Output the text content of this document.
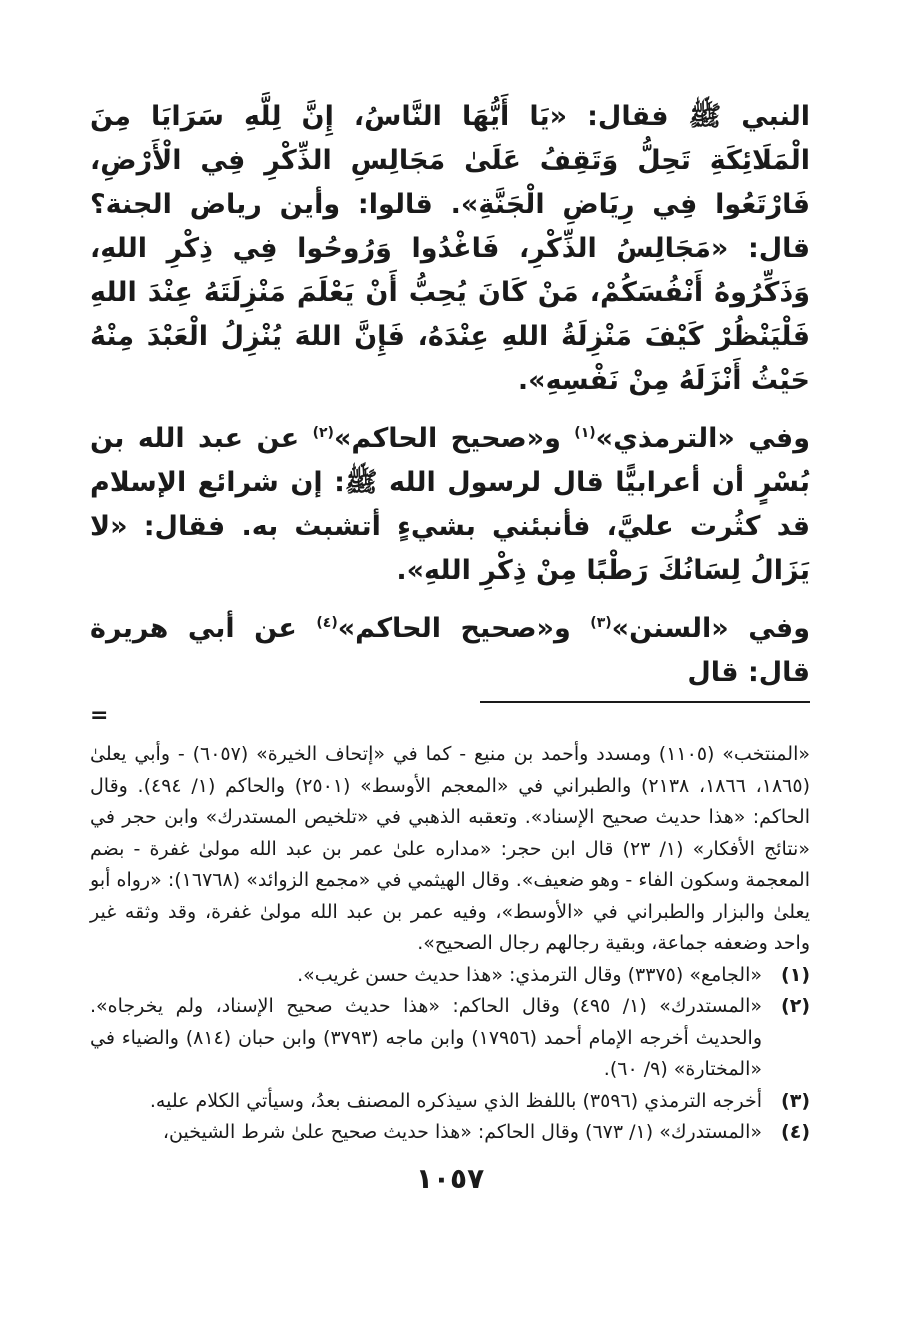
النبي ﷺ فقال: «يَا أَيُّهَا النَّاسُ، إِنَّ لِلَّهِ سَرَايَا مِنَ الْمَلَائِكَةِ تَحِلُّ وَتَقِفُ عَلَىٰ مَجَالِسِ الذِّكْرِ فِي الْأَرْضِ، فَارْتَعُوا فِي رِيَاضِ الْجَنَّةِ». قالوا: وأين رياض الجنة؟ قال: «مَجَالِسُ الذِّكْرِ، فَاغْدُوا وَرُوحُوا فِي ذِكْرِ اللهِ، وَذَكِّرُوهُ أَنْفُسَكُمْ، مَنْ كَانَ يُحِبُّ أَنْ يَعْلَمَ مَنْزِلَتَهُ عِنْدَ اللهِ فَلْيَنْظُرْ كَيْفَ مَنْزِلَةُ اللهِ عِنْدَهُ، فَإِنَّ اللهَ يُنْزِلُ الْعَبْدَ مِنْهُ حَيْثُ أَنْزَلَهُ مِنْ نَفْسِهِ».

وفي «الترمذي»$^{(١)}$ و«صحيح الحاكم»$^{(٢)}$ عن عبد الله بن بُسْرٍ أن أعرابيًّا قال لرسول الله ﷺ: إن شرائع الإسلام قد كثُرت عليَّ، فأنبئني بشيءٍ أتشبث به. فقال: «لا يَزَالُ لِسَانُكَ رَطْبًا مِنْ ذِكْرِ اللهِ».

وفي «السنن»$^{(٣)}$ و«صحيح الحاكم»$^{(٤)}$ عن أبي هريرة قال: قال

=

«المنتخب» (١١٠٥) ومسدد وأحمد بن منيع - كما في «إتحاف الخيرة» (٦٠٥٧) - وأبي يعلىٰ (١٨٦٥، ١٨٦٦، ٢١٣٨) والطبراني في «المعجم الأوسط» (٢٥٠١) والحاكم (١/ ٤٩٤). وقال الحاكم: «هذا حديث صحيح الإسناد». وتعقبه الذهبي في «تلخيص المستدرك» وابن حجر في «نتائج الأفكار» (١/ ٢٣) قال ابن حجر: «مداره علىٰ عمر بن عبد الله مولىٰ غفرة - بضم المعجمة وسكون الفاء - وهو ضعيف». وقال الهيثمي في «مجمع الزوائد» (١٦٧٦٨): «رواه أبو يعلىٰ والبزار والطبراني في «الأوسط»، وفيه عمر بن عبد الله مولىٰ غفرة، وقد وثقه غير واحد وضعفه جماعة، وبقية رجالهم رجال الصحيح».

(١)
«الجامع» (٣٣٧٥) وقال الترمذي: «هذا حديث حسن غريب».
(٢)
«المستدرك» (١/ ٤٩٥) وقال الحاكم: «هذا حديث صحيح الإسناد، ولم يخرجاه». والحديث أخرجه الإمام أحمد (١٧٩٥٦) وابن ماجه (٣٧٩٣) وابن حبان (٨١٤) والضياء في «المختارة» (٩/ ٦٠).
(٣)
أخرجه الترمذي (٣٥٩٦) باللفظ الذي سيذكره المصنف بعدُ، وسيأتي الكلام عليه.
(٤)
«المستدرك» (١/ ٦٧٣) وقال الحاكم: «هذا حديث صحيح علىٰ شرط الشيخين،
١٠٥٧
